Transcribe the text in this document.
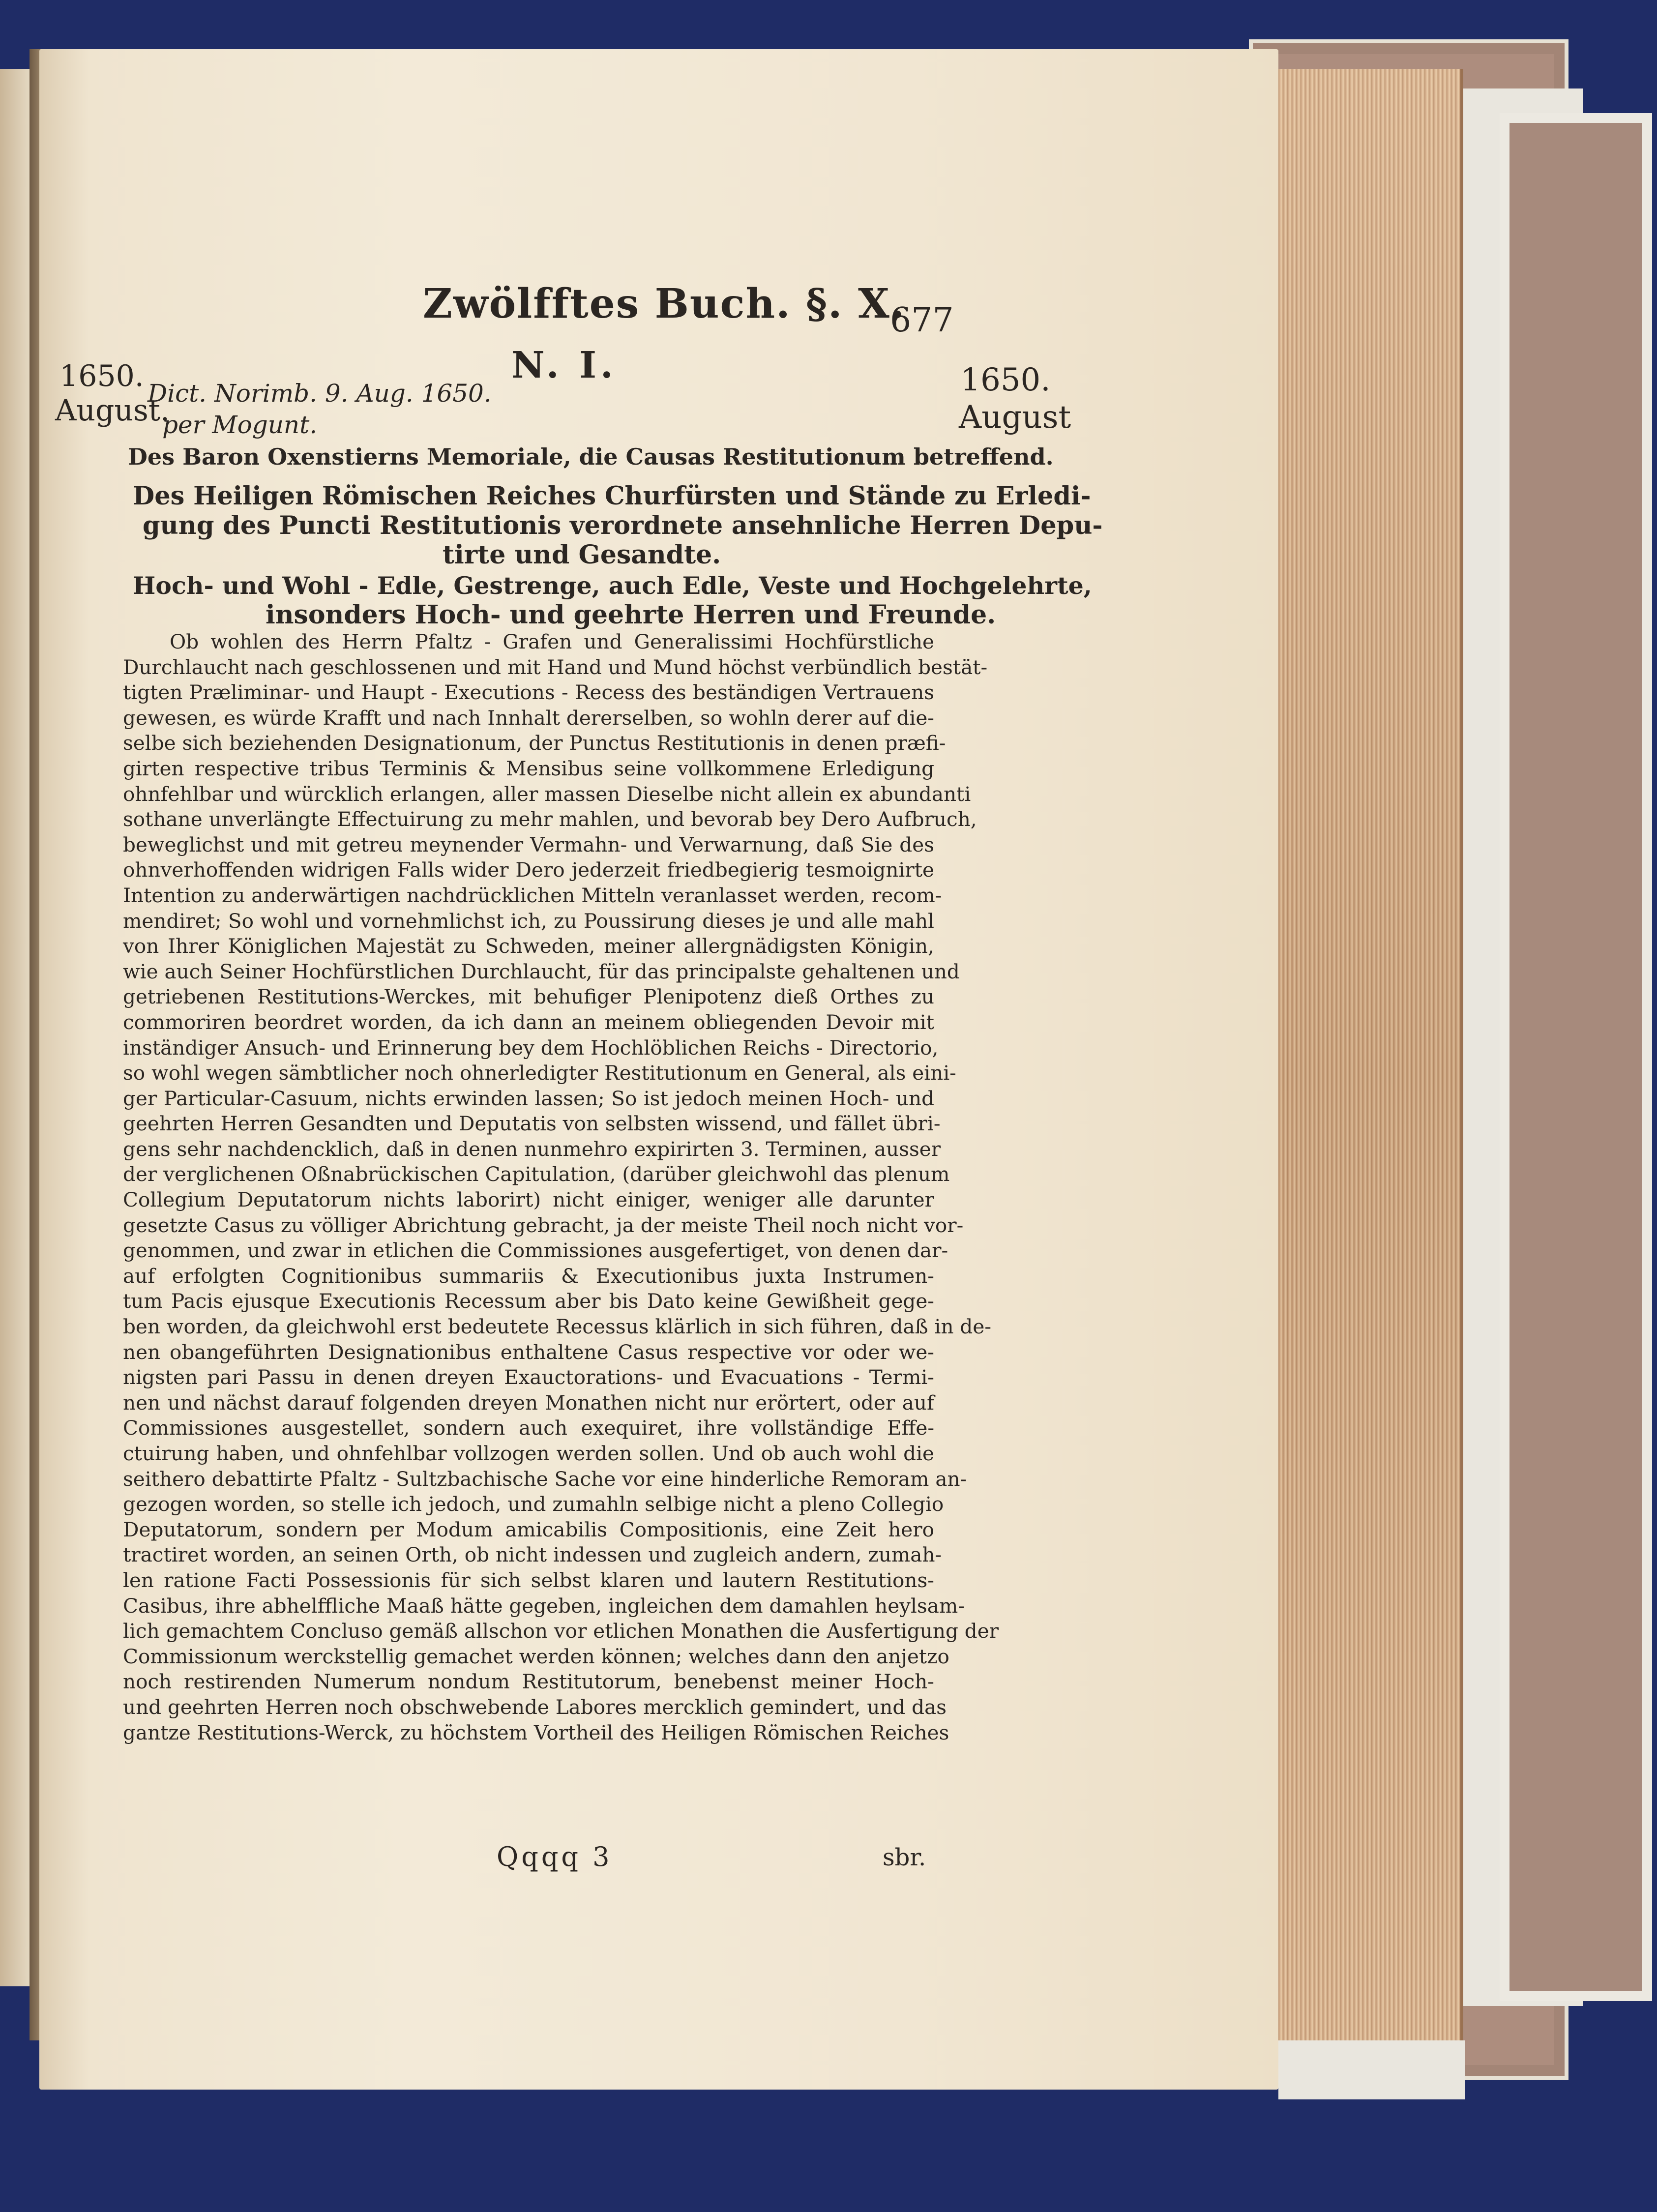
Zwölfftes Buch. §. X.
677
1650.
August.
1650.
August
N. I.
Dict. Norimb. 9. Aug. 1650.
per Mogunt.
Des Baron Oxenstierns Memoriale, die Causas Restitutionum betreffend.
Des Heiligen Römischen Reiches Churfürsten und Stände zu Erledi-
gung des Puncti Restitutionis verordnete ansehnliche Herren Depu-
tirte und Gesandte.
Hoch- und Wohl - Edle, Gestrenge, auch Edle, Veste und Hochgelehrte,
insonders Hoch- und geehrte Herren und Freunde.
Ob wohlen des Herrn Pfaltz - Grafen und Generalissimi Hochfürstliche
Durchlaucht nach geschlossenen und mit Hand und Mund höchst verbündlich bestät-
tigten Præliminar- und Haupt - Executions - Recess des beständigen Vertrauens
gewesen, es würde Krafft und nach Innhalt dererselben, so wohln derer auf die-
selbe sich beziehenden Designationum, der Punctus Restitutionis in denen præfi-
girten respective tribus Terminis & Mensibus seine vollkommene Erledigung
ohnfehlbar und würcklich erlangen, aller massen Dieselbe nicht allein ex abundanti
sothane unverlängte Effectuirung zu mehr mahlen, und bevorab bey Dero Aufbruch,
beweglichst und mit getreu meynender Vermahn- und Verwarnung, daß Sie des
ohnverhoffenden widrigen Falls wider Dero jederzeit friedbegierig tesmoignirte
Intention zu anderwärtigen nachdrücklichen Mitteln veranlasset werden, recom-
mendiret; So wohl und vornehmlichst ich, zu Poussirung dieses je und alle mahl
von Ihrer Königlichen Majestät zu Schweden, meiner allergnädigsten Königin,
wie auch Seiner Hochfürstlichen Durchlaucht, für das principalste gehaltenen und
getriebenen Restitutions-Werckes, mit behufiger Plenipotenz dieß Orthes zu
commoriren beordret worden, da ich dann an meinem obliegenden Devoir mit
inständiger Ansuch- und Erinnerung bey dem Hochlöblichen Reichs - Directorio,
so wohl wegen sämbtlicher noch ohnerledigter Restitutionum en General, als eini-
ger Particular-Casuum, nichts erwinden lassen; So ist jedoch meinen Hoch- und
geehrten Herren Gesandten und Deputatis von selbsten wissend, und fället übri-
gens sehr nachdencklich, daß in denen nunmehro expirirten 3. Terminen, ausser
der verglichenen Oßnabrückischen Capitulation, (darüber gleichwohl das plenum
Collegium Deputatorum nichts laborirt) nicht einiger, weniger alle darunter
gesetzte Casus zu völliger Abrichtung gebracht, ja der meiste Theil noch nicht vor-
genommen, und zwar in etlichen die Commissiones ausgefertiget, von denen dar-
auf erfolgten Cognitionibus summariis & Executionibus juxta Instrumen-
tum Pacis ejusque Executionis Recessum aber bis Dato keine Gewißheit gege-
ben worden, da gleichwohl erst bedeutete Recessus klärlich in sich führen, daß in de-
nen obangeführten Designationibus enthaltene Casus respective vor oder we-
nigsten pari Passu in denen dreyen Exauctorations- und Evacuations - Termi-
nen und nächst darauf folgenden dreyen Monathen nicht nur erörtert, oder auf
Commissiones ausgestellet, sondern auch exequiret, ihre vollständige Effe-
ctuirung haben, und ohnfehlbar vollzogen werden sollen. Und ob auch wohl die
seithero debattirte Pfaltz - Sultzbachische Sache vor eine hinderliche Remoram an-
gezogen worden, so stelle ich jedoch, und zumahln selbige nicht a pleno Collegio
Deputatorum, sondern per Modum amicabilis Compositionis, eine Zeit hero
tractiret worden, an seinen Orth, ob nicht indessen und zugleich andern, zumah-
len ratione Facti Possessionis für sich selbst klaren und lautern Restitutions-
Casibus, ihre abhelffliche Maaß hätte gegeben, ingleichen dem damahlen heylsam-
lich gemachtem Concluso gemäß allschon vor etlichen Monathen die Ausfertigung der
Commissionum werckstellig gemachet werden können; welches dann den anjetzo
noch restirenden Numerum nondum Restitutorum, benebenst meiner Hoch-
und geehrten Herren noch obschwebende Labores mercklich gemindert, und das
gantze Restitutions-Werck, zu höchstem Vortheil des Heiligen Römischen Reiches
Qqqq 3	sbr.
